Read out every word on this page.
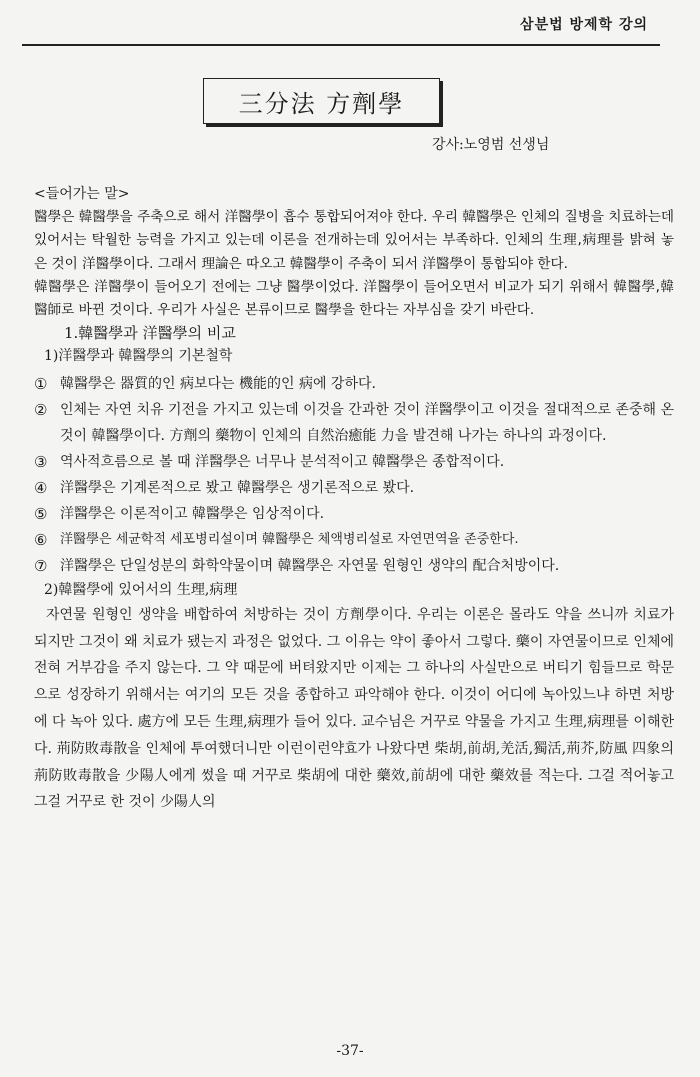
삼분법 방제학 강의
三分法 方劑學
강사:노영범 선생님

<들어가는 말>

醫學은 韓醫學을 주축으로 해서 洋醫學이 흡수 통합되어져야 한다. 우리 韓醫學은 인체의 질병을 치료하는데 있어서는 탁월한 능력을 가지고 있는데 이론을 전개하는데 있어서는 부족하다. 인체의 生理,病理를 밝혀 놓은 것이 洋醫學이다. 그래서 理論은 따오고 韓醫學이 주축이 되서 洋醫學이 통합되야 한다.

韓醫學은 洋醫學이 들어오기 전에는 그냥 醫學이었다. 洋醫學이 들어오면서 비교가 되기 위해서 韓醫學,韓醫師로 바뀐 것이다. 우리가 사실은 본류이므로 醫學을 한다는 자부심을 갖기 바란다.

1.韓醫學과 洋醫學의 비교

1)洋醫學과 韓醫學의 기본철학

① 韓醫學은 器質的인 病보다는 機能的인 病에 강하다.
② 인체는 자연 치유 기전을 가지고 있는데 이것을 간과한 것이 洋醫學이고 이것을 절대적으로 존중해 온 것이 韓醫學이다. 方劑의 藥物이 인체의 自然治癒能 力을 발견해 나가는 하나의 과정이다.
③ 역사적흐름으로 볼 때 洋醫學은 너무나 분석적이고 韓醫學은 종합적이다.
④ 洋醫學은 기계론적으로 봤고 韓醫學은 생기론적으로 봤다.
⑤ 洋醫學은 이론적이고 韓醫學은 임상적이다.
⑥ 洋醫學은 세균학적 세포병리설이며 韓醫學은 체액병리설로 자연면역을 존중한다.
⑦ 洋醫學은 단일성분의 화학약물이며 韓醫學은 자연물 원형인 생약의 配合처방이다.

2)韓醫學에 있어서의 生理,病理

자연물 원형인 생약을 배합하여 처방하는 것이 方劑學이다. 우리는 이론은 몰라도 약을 쓰니까 치료가 되지만 그것이 왜 치료가 됐는지 과정은 없었다. 그 이유는 약이 좋아서 그렇다. 藥이 자연물이므로 인체에 전혀 거부감을 주지 않는다. 그 약 때문에 버텨왔지만 이제는 그 하나의 사실만으로 버티기 힘들므로 학문으로 성장하기 위해서는 여기의 모든 것을 종합하고 파악해야 한다. 이것이 어디에 녹아있느냐 하면 처방에 다 녹아 있다. 處方에 모든 生理,病理가 들어 있다. 교수님은 거꾸로 약물을 가지고 生理,病理를 이해한다. 荊防敗毒散을 인체에 투여했더니만 이런이런약효가 나왔다면 柴胡,前胡,羌活,獨活,荊芥,防風 四象의 荊防敗毒散을 少陽人에게 썼을 때 거꾸로 柴胡에 대한 藥效,前胡에 대한 藥效를 적는다. 그걸 적어놓고 그걸 거꾸로 한 것이 少陽人의

-37-
